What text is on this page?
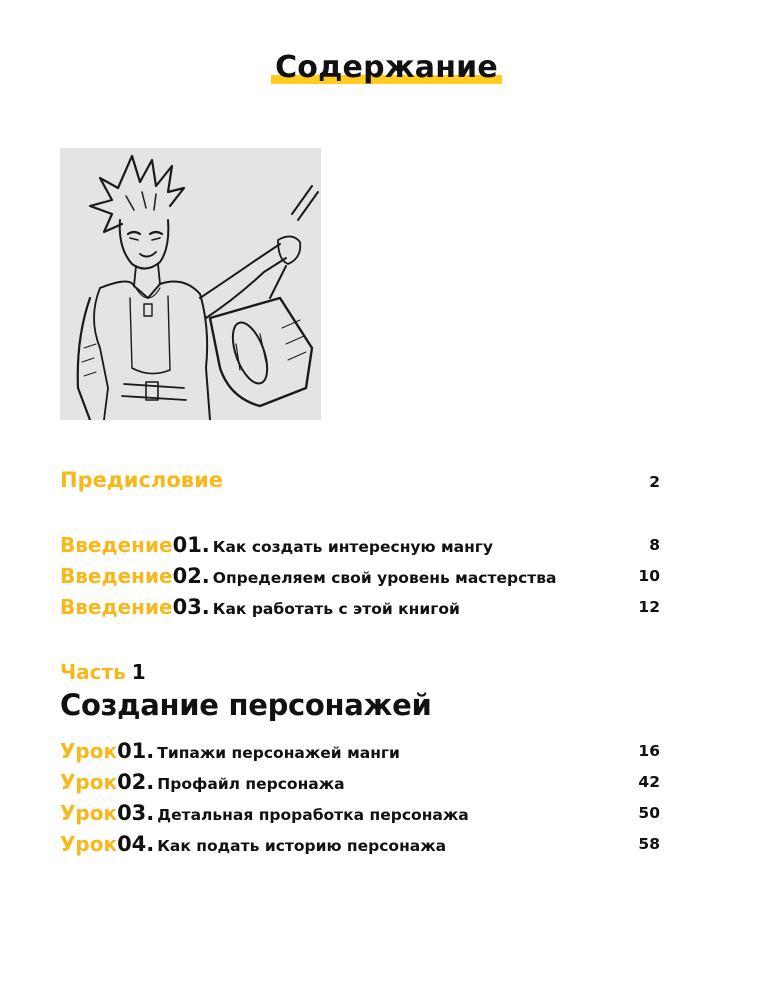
Содержание
Предисловие	2
Введение01. Как создать интересную мангу	8
Введение02. Определяем свой уровень мастерства	10
Введение03. Как работать с этой книгой	12
Часть 1
Создание персонажей
Урок01. Типажи персонажей манги	16
Урок02. Профайл персонажа	42
Урок03. Детальная проработка персонажа	50
Урок04. Как подать историю персонажа	58
